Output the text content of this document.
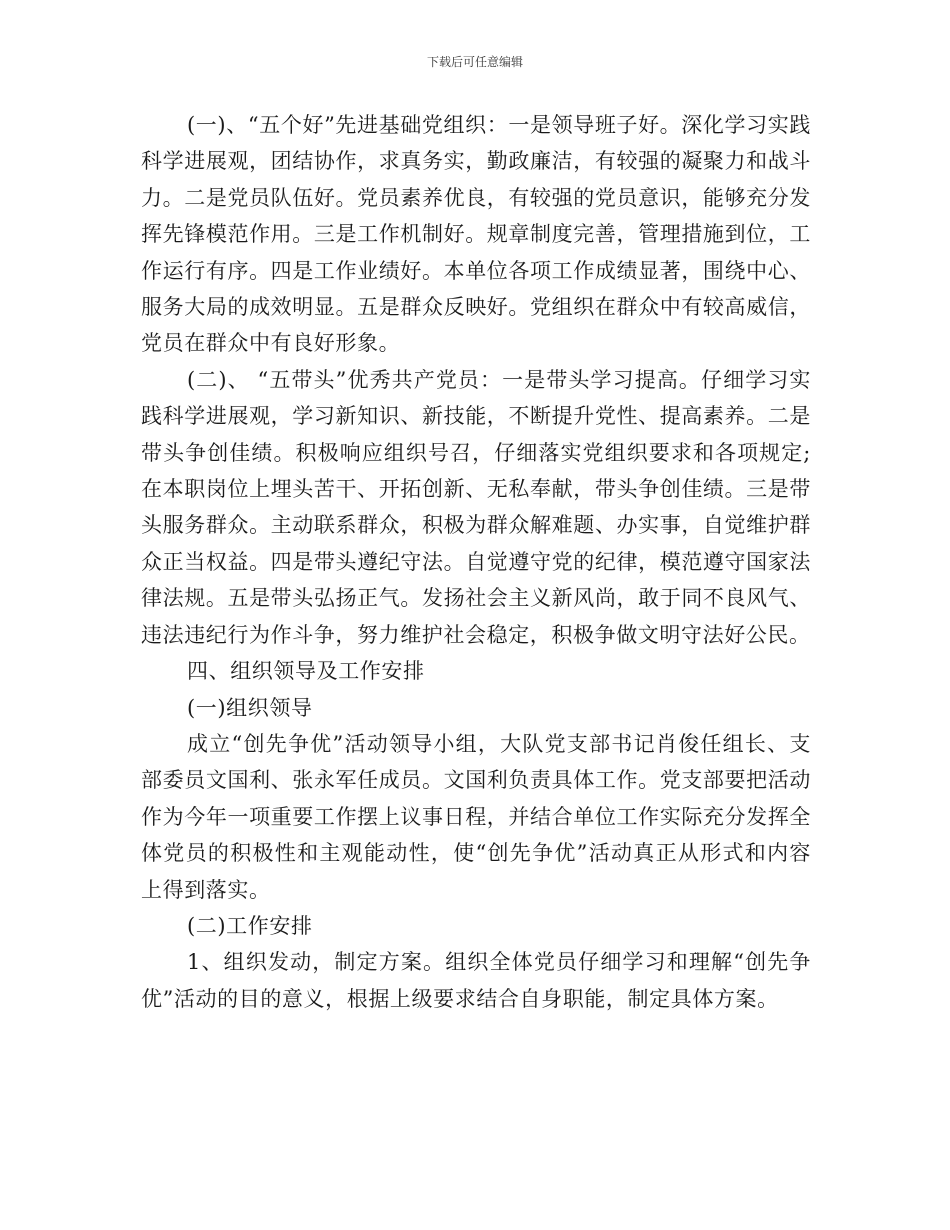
下载后可任意编辑

(一)、“五个好”先进基础党组织：一是领导班子好。深化学习实践科学进展观，团结协作，求真务实，勤政廉洁，有较强的凝聚力和战斗力。二是党员队伍好。党员素养优良，有较强的党员意识，能够充分发挥先锋模范作用。三是工作机制好。规章制度完善，管理措施到位，工作运行有序。四是工作业绩好。本单位各项工作成绩显著，围绕中心、服务大局的成效明显。五是群众反映好。党组织在群众中有较高威信，党员在群众中有良好形象。

(二)、 “五带头”优秀共产党员：一是带头学习提高。仔细学习实践科学进展观，学习新知识、新技能，不断提升党性、提高素养。二是带头争创佳绩。积极响应组织号召，仔细落实党组织要求和各项规定;在本职岗位上埋头苦干、开拓创新、无私奉献，带头争创佳绩。三是带头服务群众。主动联系群众，积极为群众解难题、办实事，自觉维护群众正当权益。四是带头遵纪守法。自觉遵守党的纪律，模范遵守国家法律法规。五是带头弘扬正气。发扬社会主义新风尚，敢于同不良风气、违法违纪行为作斗争，努力维护社会稳定，积极争做文明守法好公民。

四、组织领导及工作安排

(一)组织领导

成立“创先争优”活动领导小组，大队党支部书记肖俊任组长、支部委员文国利、张永军任成员。文国利负责具体工作。党支部要把活动作为今年一项重要工作摆上议事日程，并结合单位工作实际充分发挥全体党员的积极性和主观能动性，使“创先争优”活动真正从形式和内容上得到落实。

(二)工作安排

1、组织发动，制定方案。组织全体党员仔细学习和理解“创先争优”活动的目的意义，根据上级要求结合自身职能，制定具体方案。
